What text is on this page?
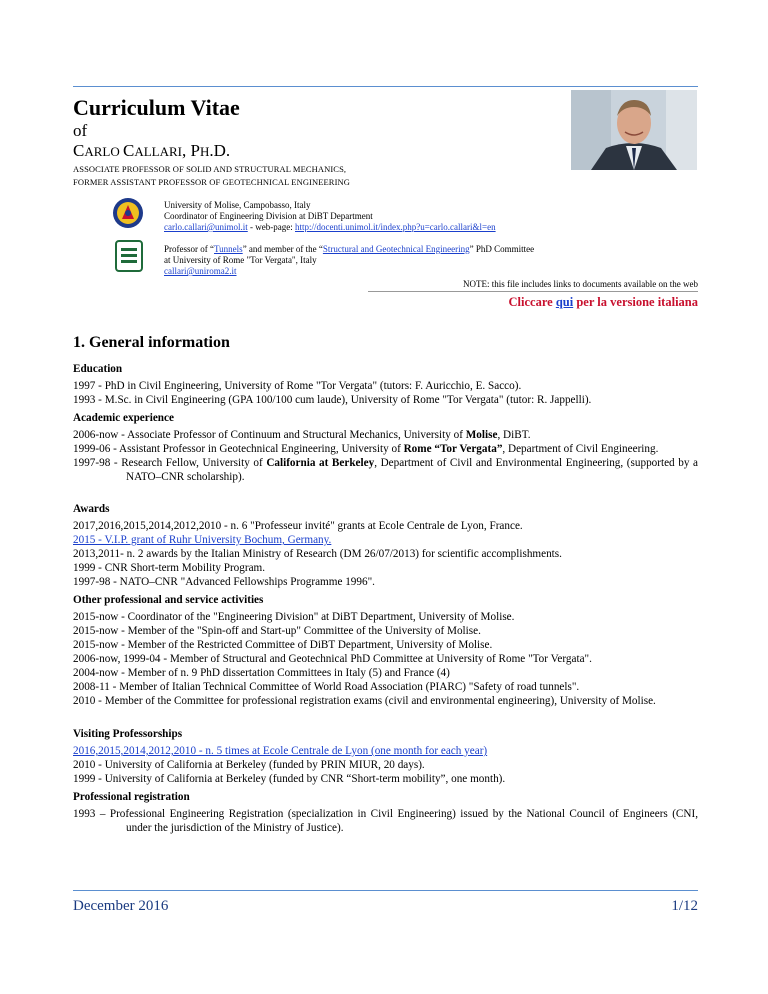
Curriculum Vitae
of
CARLO CALLARI, PH.D.
ASSOCIATE PROFESSOR OF SOLID AND STRUCTURAL MECHANICS,
FORMER ASSISTANT PROFESSOR OF GEOTECHNICAL ENGINEERING
University of Molise, Campobasso, Italy
Coordinator of Engineering Division at DiBT Department
carlo.callari@unimol.it - web-page: http://docenti.unimol.it/index.php?u=carlo.callari&l=en
Professor of “Tunnels” and member of the “Structural and Geotechnical Engineering” PhD Committee
at University of Rome "Tor Vergata", Italy
callari@uniroma2.it
NOTE: this file includes links to documents available on the web
Cliccare qui per la versione italiana
1. General information
Education
1997 - PhD in Civil Engineering, University of Rome "Tor Vergata" (tutors: F. Auricchio, E. Sacco).
1993 - M.Sc. in Civil Engineering (GPA 100/100 cum laude), University of Rome "Tor Vergata" (tutor: R. Jappelli).
Academic experience
2006-now - Associate Professor of Continuum and Structural Mechanics, University of Molise, DiBT.
1999-06 - Assistant Professor in Geotechnical Engineering, University of Rome “Tor Vergata”, Department of Civil Engineering.
1997-98 - Research Fellow, University of California at Berkeley, Department of Civil and Environmental Engineering, (supported by a NATO–CNR scholarship).
Awards
2017,2016,2015,2014,2012,2010 - n. 6 "Professeur invité" grants at Ecole Centrale de Lyon, France.
2015 - V.I.P. grant of Ruhr University Bochum, Germany.
2013,2011- n. 2 awards by the Italian Ministry of Research (DM 26/07/2013) for scientific accomplishments.
1999 - CNR Short-term Mobility Program.
1997-98 - NATO–CNR "Advanced Fellowships Programme 1996".
Other professional and service activities
2015-now - Coordinator of the "Engineering Division" at DiBT Department, University of Molise.
2015-now - Member of the "Spin-off and Start-up" Committee of the University of Molise.
2015-now - Member of the Restricted Committee of DiBT Department, University of Molise.
2006-now, 1999-04 - Member of Structural and Geotechnical PhD Committee at University of Rome "Tor Vergata".
2004-now - Member of n. 9 PhD dissertation Committees in Italy (5) and France (4)
2008-11 - Member of Italian Technical Committee of World Road Association (PIARC) "Safety of road tunnels".
2010 - Member of the Committee for professional registration exams (civil and environmental engineering), University of Molise.
Visiting Professorships
2016,2015,2014,2012,2010 - n. 5 times at Ecole Centrale de Lyon (one month for each year)
2010 - University of California at Berkeley (funded by PRIN MIUR, 20 days).
1999 - University of California at Berkeley (funded by CNR “Short-term mobility”, one month).
Professional registration
1993 – Professional Engineering Registration (specialization in Civil Engineering) issued by the National Council of Engineers (CNI, under the jurisdiction of the Ministry of Justice).
December 2016	1/12
